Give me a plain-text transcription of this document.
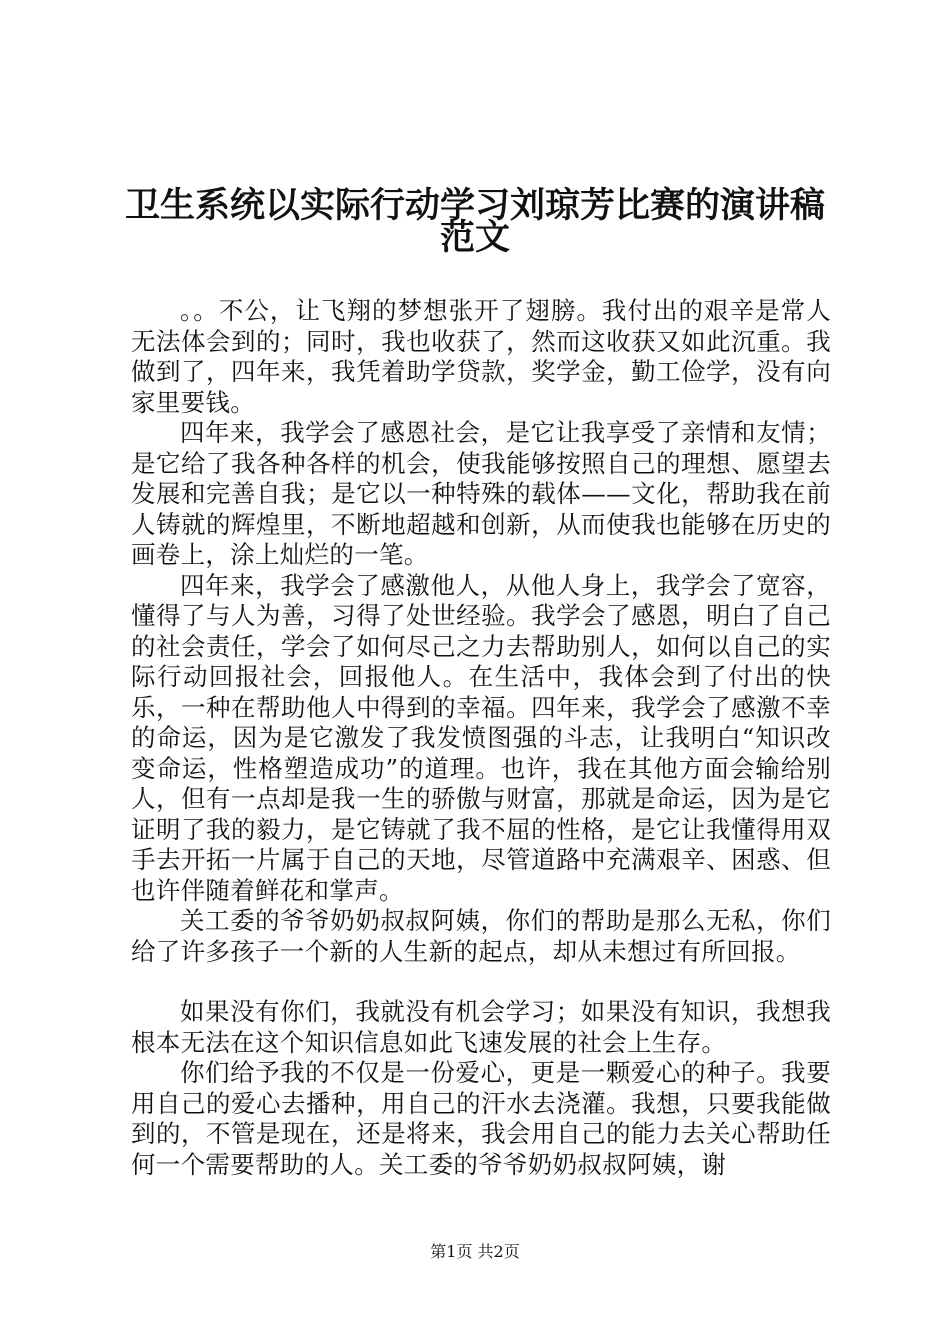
卫生系统以实际行动学习刘琼芳比赛的演讲稿
范文

。。不公，让飞翔的梦想张开了翅膀。我付出的艰辛是常人无法体会到的；同时，我也收获了，然而这收获又如此沉重。我做到了，四年来，我凭着助学贷款，奖学金，勤工俭学，没有向家里要钱。

四年来，我学会了感恩社会，是它让我享受了亲情和友情；是它给了我各种各样的机会，使我能够按照自己的理想、愿望去发展和完善自我；是它以一种特殊的载体——文化，帮助我在前人铸就的辉煌里，不断地超越和创新，从而使我也能够在历史的画卷上，涂上灿烂的一笔。

四年来，我学会了感激他人，从他人身上，我学会了宽容，懂得了与人为善，习得了处世经验。我学会了感恩，明白了自己的社会责任，学会了如何尽己之力去帮助别人，如何以自己的实际行动回报社会，回报他人。在生活中，我体会到了付出的快乐，一种在帮助他人中得到的幸福。四年来，我学会了感激不幸的命运，因为是它激发了我发愤图强的斗志，让我明白“知识改变命运，性格塑造成功”的道理。也许，我在其他方面会输给别人，但有一点却是我一生的骄傲与财富，那就是命运，因为是它证明了我的毅力，是它铸就了我不屈的性格，是它让我懂得用双手去开拓一片属于自己的天地，尽管道路中充满艰辛、困惑、但也许伴随着鲜花和掌声。

关工委的爷爷奶奶叔叔阿姨，你们的帮助是那么无私，你们给了许多孩子一个新的人生新的起点，却从未想过有所回报。

如果没有你们，我就没有机会学习；如果没有知识，我想我根本无法在这个知识信息如此飞速发展的社会上生存。

你们给予我的不仅是一份爱心，更是一颗爱心的种子。我要用自己的爱心去播种，用自己的汗水去浇灌。我想，只要我能做到的，不管是现在，还是将来，我会用自己的能力去关心帮助任何一个需要帮助的人。关工委的爷爷奶奶叔叔阿姨，谢

第1页 共2页
